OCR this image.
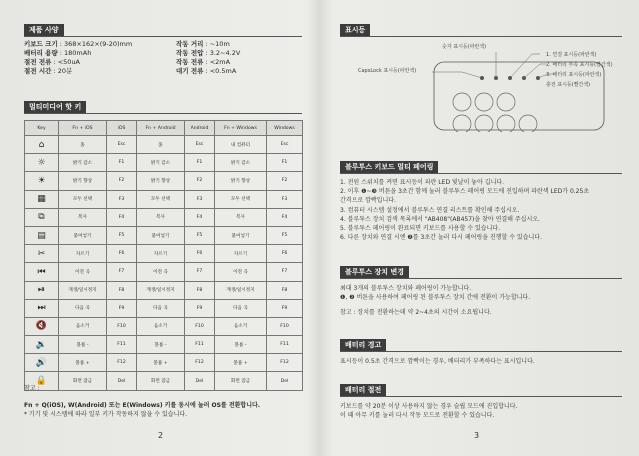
제품 사양
키보드 크기 : 368×162×(9-20)mm
배터리 용량 : 180mAh
절전 전류 : <50uA
절전 시간 : 20분
작동 거리 : ~10m
작동 전압 : 3.2~4.2V
작동 전류 : <2mA
대기 전류 : <0.5mA
멀티미디어 핫 키
Key	Fn + iOS	iOS	Fn + Android	Android	Fn + Windows	Windows
⌂	홈	Esc	홈	Esc	내 컴퓨터	Esc
☼	밝기 감소	F1	밝기 감소	F1	밝기 감소	F1
☀	밝기 향상	F2	밝기 향상	F2	밝기 향상	F2
▦	모두 선택	F3	모두 선택	F3	모두 선택	F3
⧉	복사	F4	복사	F4	복사	F4
▤	붙여넣기	F5	붙여넣기	F5	붙여넣기	F5
✂	자르기	F6	자르기	F6	자르기	F6
⏮	이전 곡	F7	이전 곡	F7	이전 곡	F7
⏯	재생/일시정지	F8	재생/일시정지	F8	재생/일시정지	F8
⏭	다음 곡	F9	다음 곡	F9	다음 곡	F9
🔇	음소거	F10	음소거	F10	음소거	F10
🔉	볼륨 -	F11	볼륨 -	F11	볼륨 -	F11
🔊	볼륨 +	F12	볼륨 +	F12	볼륨 +	F12
🔒	화면 잠금	Del	화면 잠금	Del	화면 잠금	Del
참고 :
Fn + Q(iOS), W(Android) 또는 E(Windows) 키를 동시에 눌러 OS를 전환합니다.
* 기기 및 시스템에 따라 일부 키가 작동하지 않을 수 있습니다.
2
표시등
숫자 표시등(파란색)
CapsLock 표시등(파란색)
1. 연결 표시등(파란색)
2. 배터리 부족 표시등(빨간색)
3. 배터리 표시등(파란색)
충전 표시등(빨간색)
블루투스 키보드 멀티 페어링
1. 전원 스위치를 켜면 표시등이 파란 LED 빛날이 놓아 깁니다.
2. 이후 ❶~❸ 버튼을 3초간 함께 눌러 블루투스 페어링 모드에 진입하며 파란색 LED가 0.25초
간격으로 깜빡입니다.
3. 컴퓨터 시스템 설정에서 블루투스 연결 리스트를 확인해 주십시오.
4. 블루투스 장치 검색 목록에서 "AB408"(AB457)을 찾아 연결해 주십시오.
5. 블루투스 페어링이 완료되면 키보드를 사용할 수 있습니다.
6. 다른 장치와 연결 시엔 ❷를 3초간 눌러 다시 페어링을 진행할 수 있습니다.
블루투스 장치 변경
최대 3개의 블루투스 장치와 페어링이 가능합니다.
❶, ❷ 버튼을 사용하여 페어링 된 블루투스 장치 간에 전환이 가능합니다.
참고 : 장치를 전환하는데 약 2~4초의 시간이 소요됩니다.
배터리 경고
표시등이 0.5초 간격으로 깜빡이는 경우, 배터리가 부족하다는 표시입니다.
배터리 절전
키보드를 약 20분 이상 사용하지 않는 경우 슬립 모드에 진입합니다.
이 때 아무 키를 눌러 다시 작동 모드로 전환할 수 있습니다.
3
